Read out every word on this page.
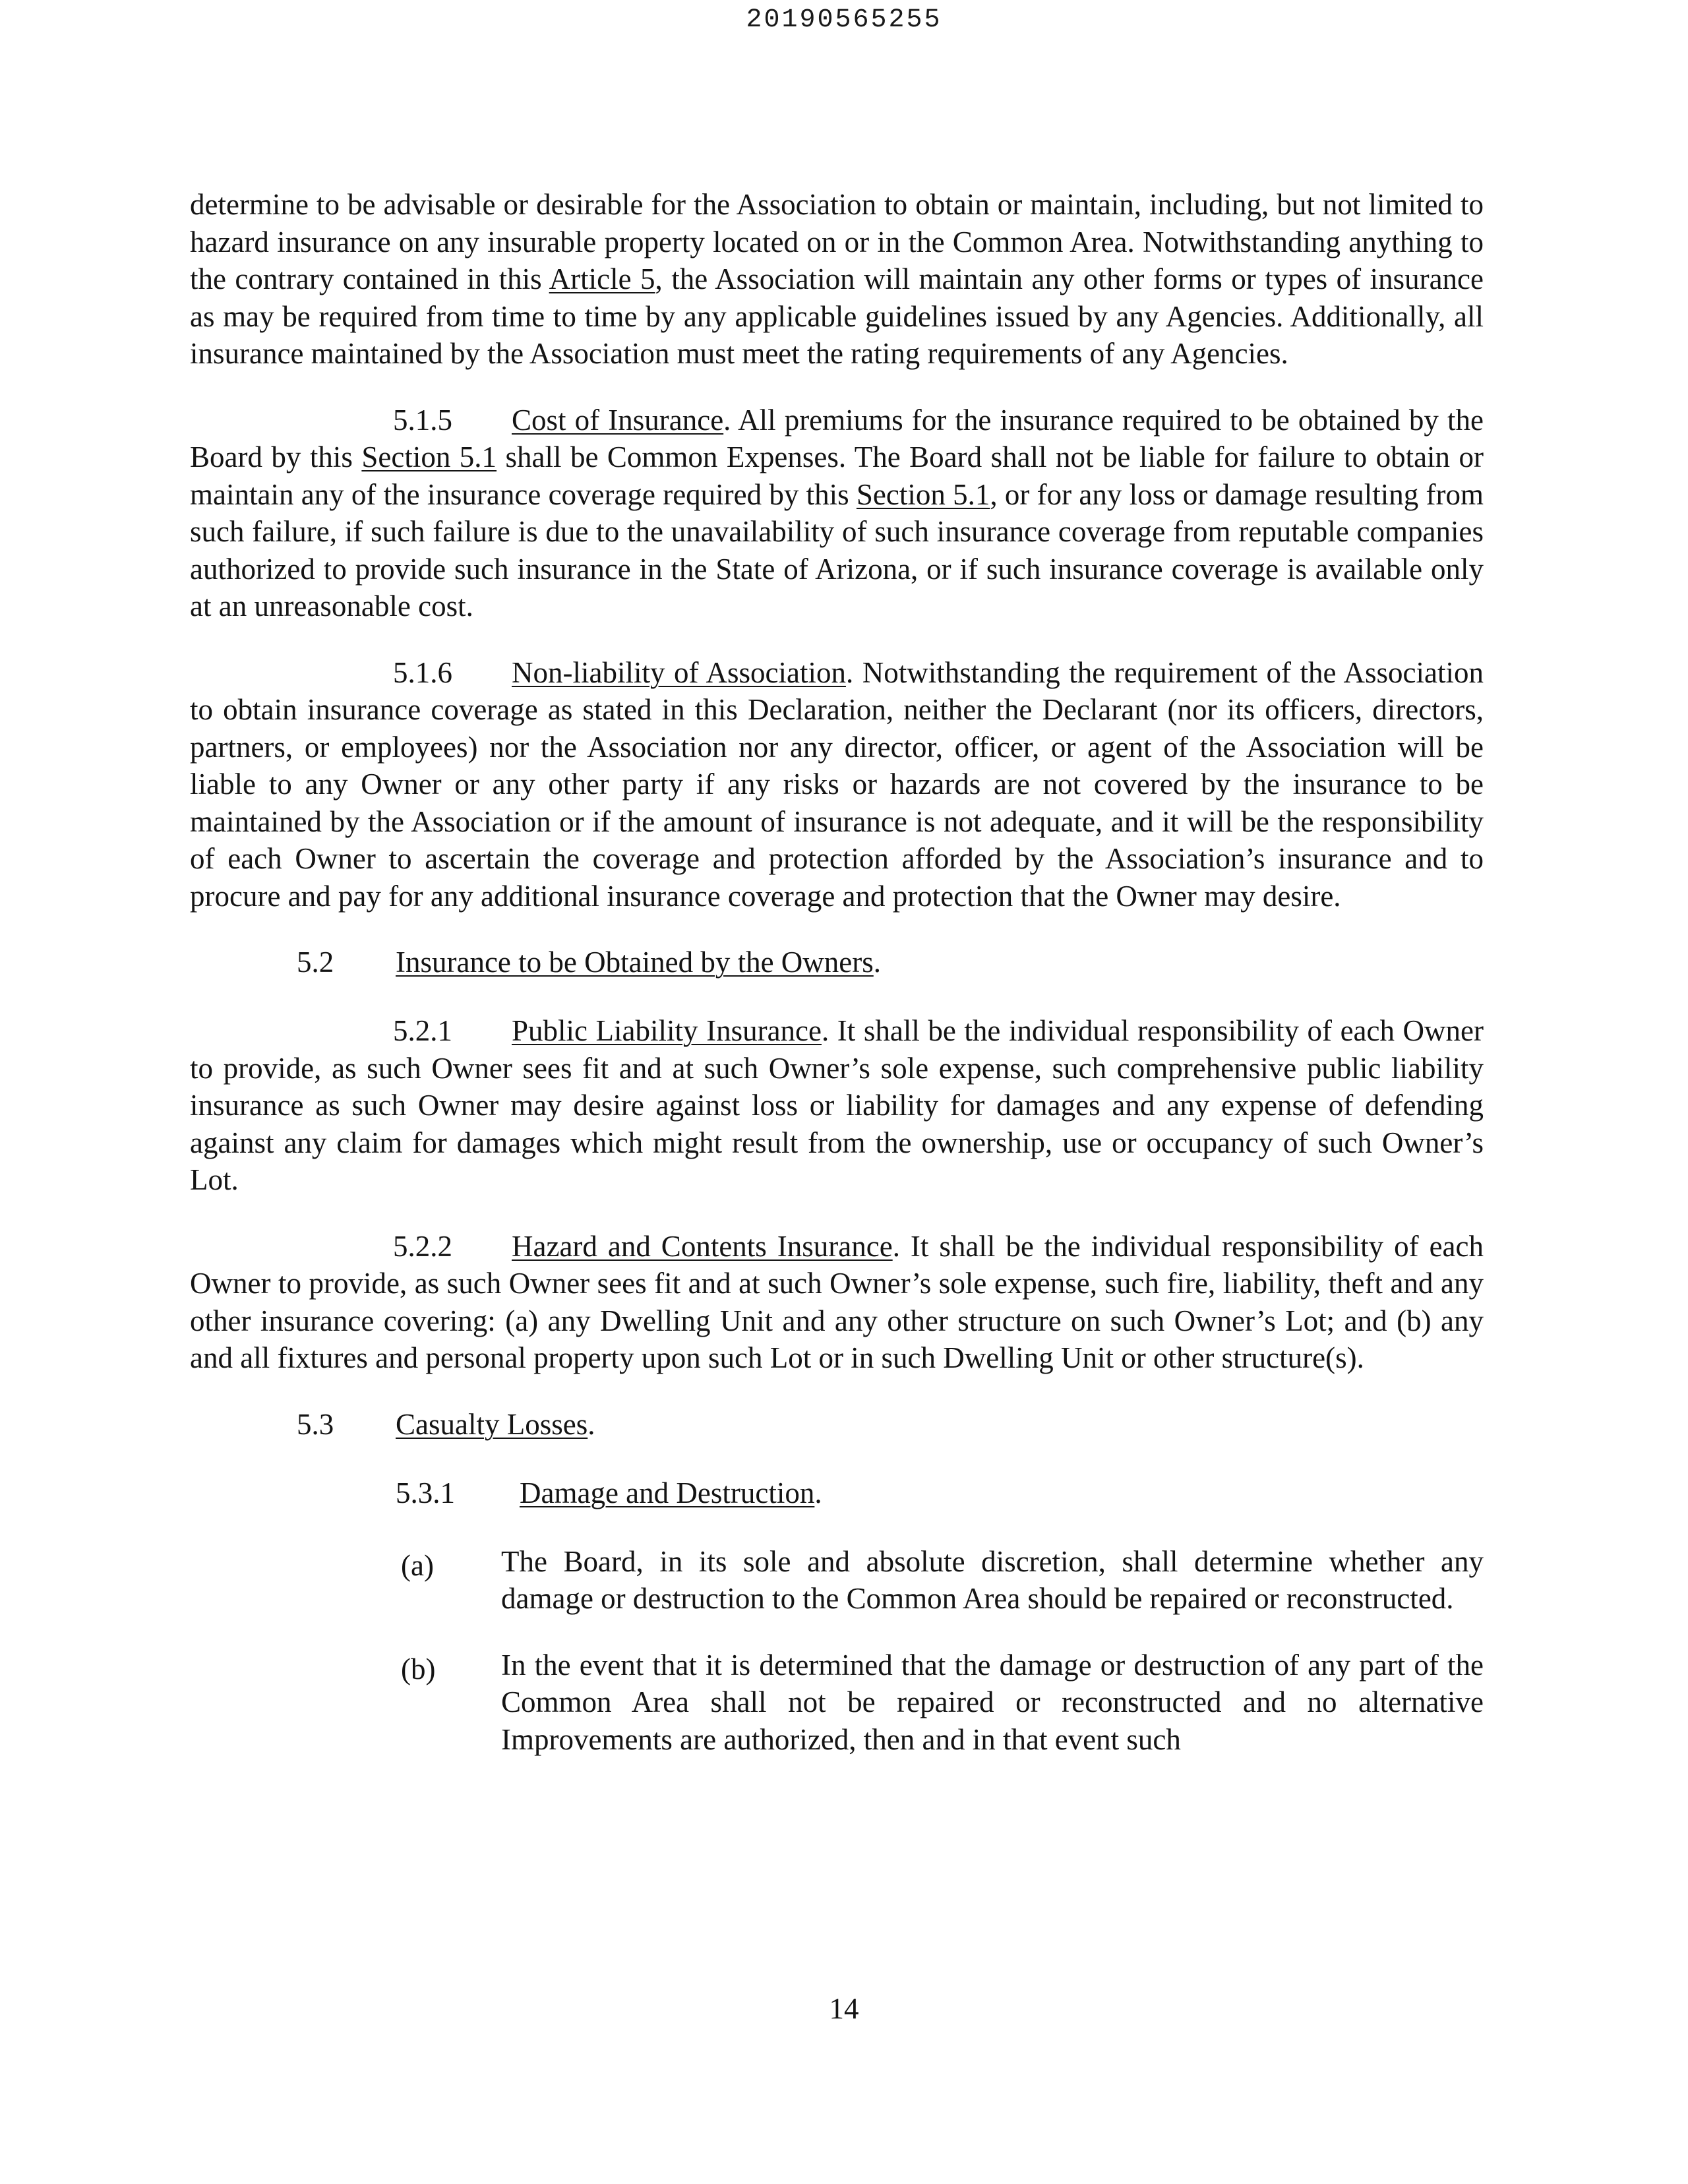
20190565255

determine to be advisable or desirable for the Association to obtain or maintain, including, but not limited to hazard insurance on any insurable property located on or in the Common Area. Notwithstanding anything to the contrary contained in this Article 5, the Association will maintain any other forms or types of insurance as may be required from time to time by any applicable guidelines issued by any Agencies. Additionally, all insurance maintained by the Association must meet the rating requirements of any Agencies.

5.1.5 Cost of Insurance. All premiums for the insurance required to be obtained by the Board by this Section 5.1 shall be Common Expenses. The Board shall not be liable for failure to obtain or maintain any of the insurance coverage required by this Section 5.1, or for any loss or damage resulting from such failure, if such failure is due to the unavailability of such insurance coverage from reputable companies authorized to provide such insurance in the State of Arizona, or if such insurance coverage is available only at an unreasonable cost.

5.1.6 Non-liability of Association. Notwithstanding the requirement of the Association to obtain insurance coverage as stated in this Declaration, neither the Declarant (nor its officers, directors, partners, or employees) nor the Association nor any director, officer, or agent of the Association will be liable to any Owner or any other party if any risks or hazards are not covered by the insurance to be maintained by the Association or if the amount of insurance is not adequate, and it will be the responsibility of each Owner to ascertain the coverage and protection afforded by the Association’s insurance and to procure and pay for any additional insurance coverage and protection that the Owner may desire.

5.2 Insurance to be Obtained by the Owners.

5.2.1 Public Liability Insurance. It shall be the individual responsibility of each Owner to provide, as such Owner sees fit and at such Owner’s sole expense, such comprehensive public liability insurance as such Owner may desire against loss or liability for damages and any expense of defending against any claim for damages which might result from the ownership, use or occupancy of such Owner’s Lot.

5.2.2 Hazard and Contents Insurance. It shall be the individual responsibility of each Owner to provide, as such Owner sees fit and at such Owner’s sole expense, such fire, liability, theft and any other insurance covering: (a) any Dwelling Unit and any other structure on such Owner’s Lot; and (b) any and all fixtures and personal property upon such Lot or in such Dwelling Unit or other structure(s).

5.3 Casualty Losses.
5.3.1 Damage and Destruction.
(a) The Board, in its sole and absolute discretion, shall determine whether any damage or destruction to the Common Area should be repaired or reconstructed.
(b) In the event that it is determined that the damage or destruction of any part of the Common Area shall not be repaired or reconstructed and no alternative Improvements are authorized, then and in that event such
14
